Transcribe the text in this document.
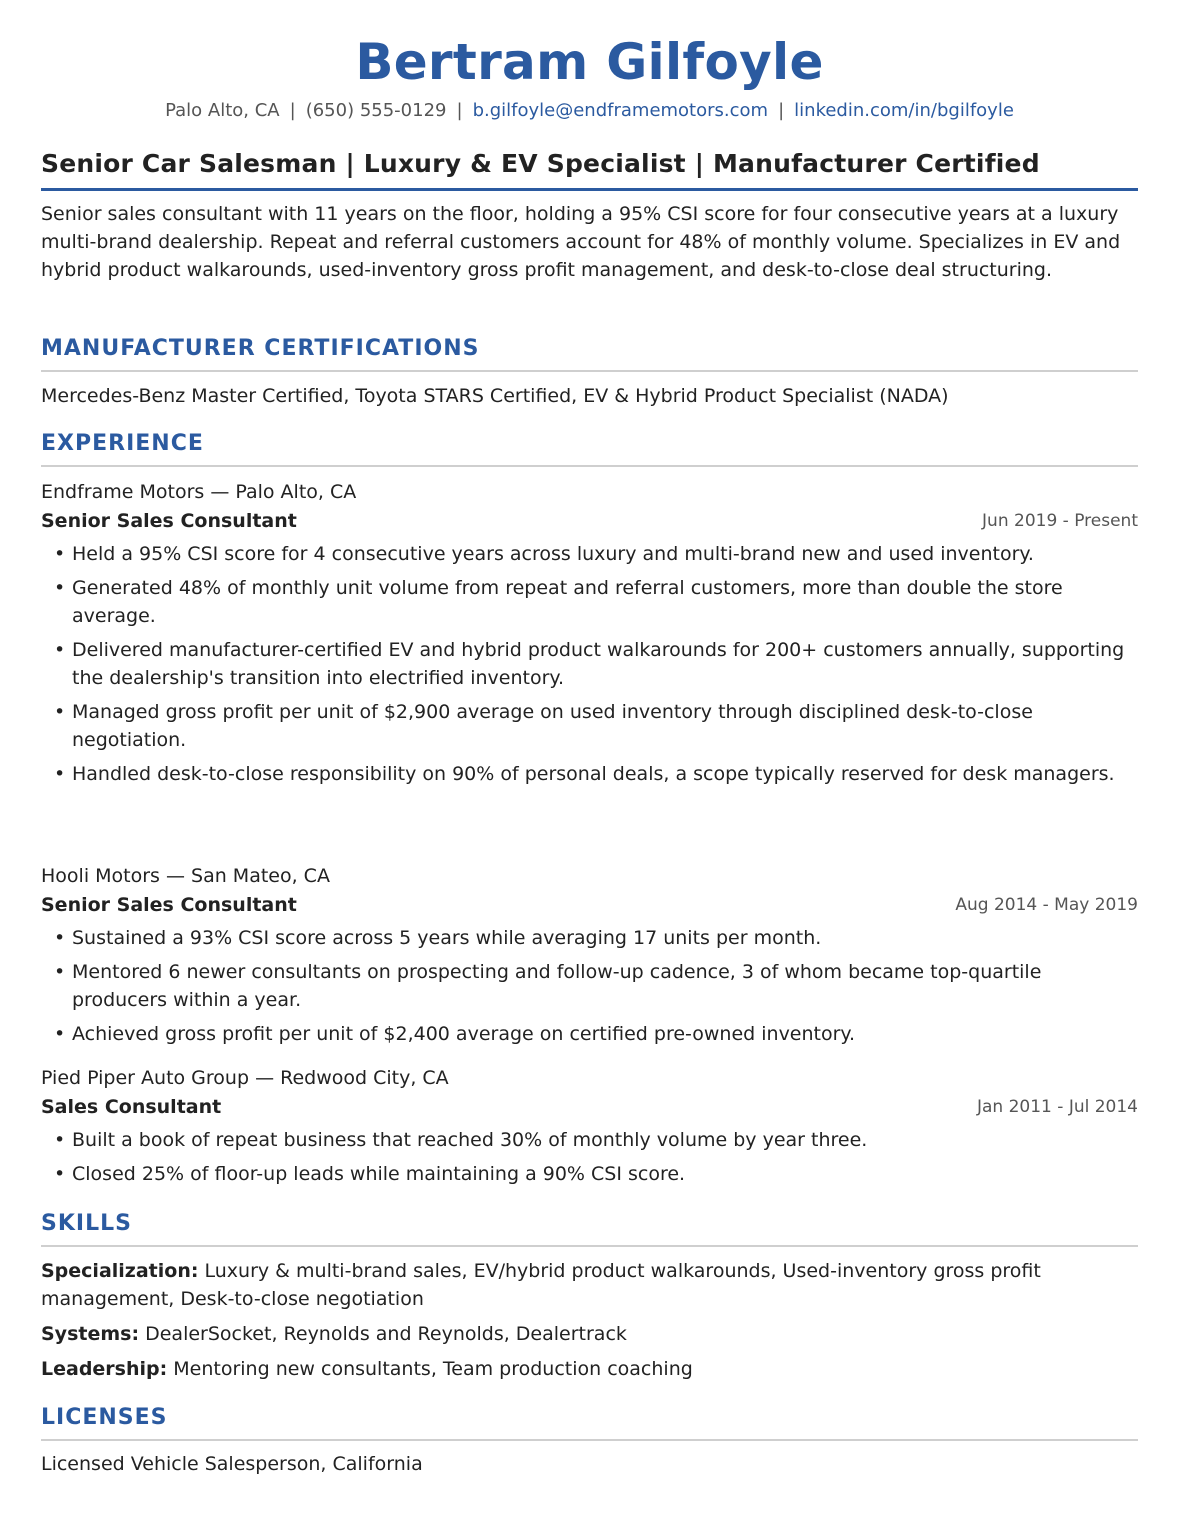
Bertram Gilfoyle
Palo Alto, CA | (650) 555-0129 | b.gilfoyle@endframemotors.com | linkedin.com/in/bgilfoyle
Senior Car Salesman | Luxury & EV Specialist | Manufacturer Certified
Senior sales consultant with 11 years on the floor, holding a 95% CSI score for four consecutive years at a luxury multi-brand dealership. Repeat and referral customers account for 48% of monthly volume. Specializes in EV and hybrid product walkarounds, used-inventory gross profit management, and desk-to-close deal structuring.
MANUFACTURER CERTIFICATIONS
Mercedes-Benz Master Certified, Toyota STARS Certified, EV & Hybrid Product Specialist (NADA)
EXPERIENCE
Endframe Motors — Palo Alto, CA
Senior Sales Consultant	Jun 2019 - Present
• Held a 95% CSI score for 4 consecutive years across luxury and multi-brand new and used inventory.
• Generated 48% of monthly unit volume from repeat and referral customers, more than double the store average.
• Delivered manufacturer-certified EV and hybrid product walkarounds for 200+ customers annually, supporting the dealership's transition into electrified inventory.
• Managed gross profit per unit of $2,900 average on used inventory through disciplined desk-to-close negotiation.
• Handled desk-to-close responsibility on 90% of personal deals, a scope typically reserved for desk managers.
Hooli Motors — San Mateo, CA
Senior Sales Consultant	Aug 2014 - May 2019
• Sustained a 93% CSI score across 5 years while averaging 17 units per month.
• Mentored 6 newer consultants on prospecting and follow-up cadence, 3 of whom became top-quartile producers within a year.
• Achieved gross profit per unit of $2,400 average on certified pre-owned inventory.
Pied Piper Auto Group — Redwood City, CA
Sales Consultant	Jan 2011 - Jul 2014
• Built a book of repeat business that reached 30% of monthly volume by year three.
• Closed 25% of floor-up leads while maintaining a 90% CSI score.
SKILLS
Specialization: Luxury & multi-brand sales, EV/hybrid product walkarounds, Used-inventory gross profit management, Desk-to-close negotiation
Systems: DealerSocket, Reynolds and Reynolds, Dealertrack
Leadership: Mentoring new consultants, Team production coaching
LICENSES
Licensed Vehicle Salesperson, California
